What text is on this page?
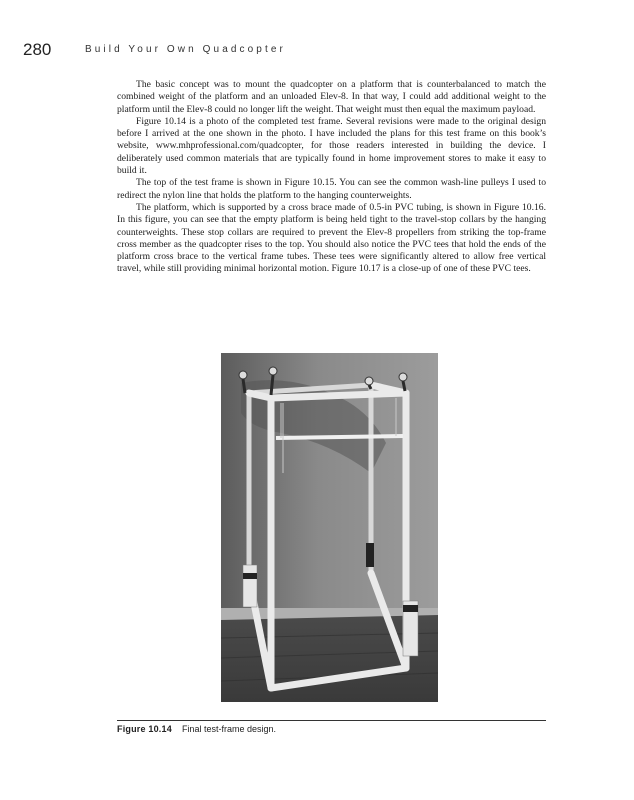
280	Build Your Own Quadcopter

The basic concept was to mount the quadcopter on a platform that is counterbalanced to match the combined weight of the platform and an unloaded Elev-8. In that way, I could add additional weight to the platform until the Elev-8 could no longer lift the weight. That weight must then equal the maximum payload.

Figure 10.14 is a photo of the completed test frame. Several revisions were made to the original design before I arrived at the one shown in the photo. I have included the plans for this test frame on this book’s website, www.mhprofessional.com/quadcopter, for those readers interested in building the device. I deliberately used common materials that are typically found in home improvement stores to make it easy to build it.

The top of the test frame is shown in Figure 10.15. You can see the common wash-line pulleys I used to redirect the nylon line that holds the platform to the hanging counterweights.

The platform, which is supported by a cross brace made of 0.5-in PVC tubing, is shown in Figure 10.16. In this figure, you can see that the empty platform is being held tight to the travel-stop collars by the hanging counterweights. These stop collars are required to prevent the Elev-8 propellers from striking the top-frame cross member as the quadcopter rises to the top. You should also notice the PVC tees that hold the ends of the platform cross brace to the vertical frame tubes. These tees were significantly altered to allow free vertical travel, while still providing minimal horizontal motion. Figure 10.17 is a close-up of one of these PVC tees.

Figure 10.14 Final test-frame design.
